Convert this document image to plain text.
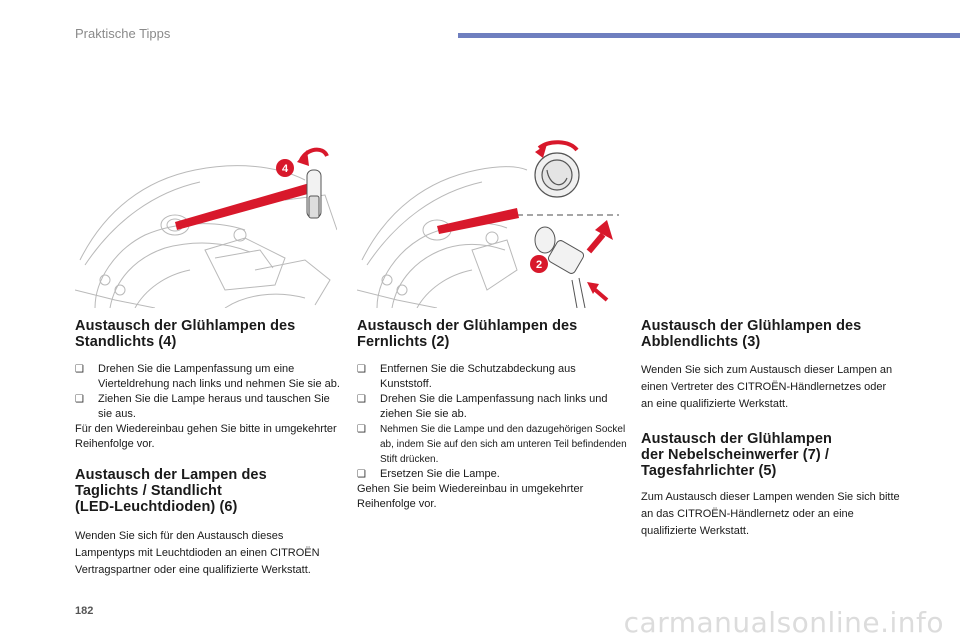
Praktische Tipps
4
2
Austausch der Glühlampen des
Standlichts (4)
❑ Drehen Sie die Lampenfassung um eine Vierteldrehung nach links und nehmen Sie sie ab.
❑ Ziehen Sie die Lampe heraus und tauschen Sie sie aus.

Für den Wiedereinbau gehen Sie bitte in umgekehrter Reihenfolge vor.

Austausch der Lampen des
Taglichts / Standlicht
(LED-Leuchtdioden) (6)

Wenden Sie sich für den Austausch dieses Lampentyps mit Leuchtdioden an einen CITROËN Vertragspartner oder eine qualifizierte Werkstatt.

Austausch der Glühlampen des
Fernlichts (2)
❑ Entfernen Sie die Schutzabdeckung aus Kunststoff.
❑ Drehen Sie die Lampenfassung nach links und ziehen Sie sie ab.
❑ Nehmen Sie die Lampe und den dazugehörigen Sockel ab, indem Sie auf den sich am unteren Teil befindenden Stift drücken.
❑ Ersetzen Sie die Lampe.

Gehen Sie beim Wiedereinbau in umgekehrter Reihenfolge vor.

Austausch der Glühlampen des
Abblendlichts (3)

Wenden Sie sich zum Austausch dieser Lampen an einen Vertreter des CITROËN-Händlernetzes oder an eine qualifizierte Werkstatt.

Austausch der Glühlampen
der Nebelscheinwerfer (7) /
Tagesfahrlichter (5)

Zum Austausch dieser Lampen wenden Sie sich bitte an das CITROËN-Händlernetz oder an eine qualifizierte Werkstatt.

182	carmanualsonline.info
